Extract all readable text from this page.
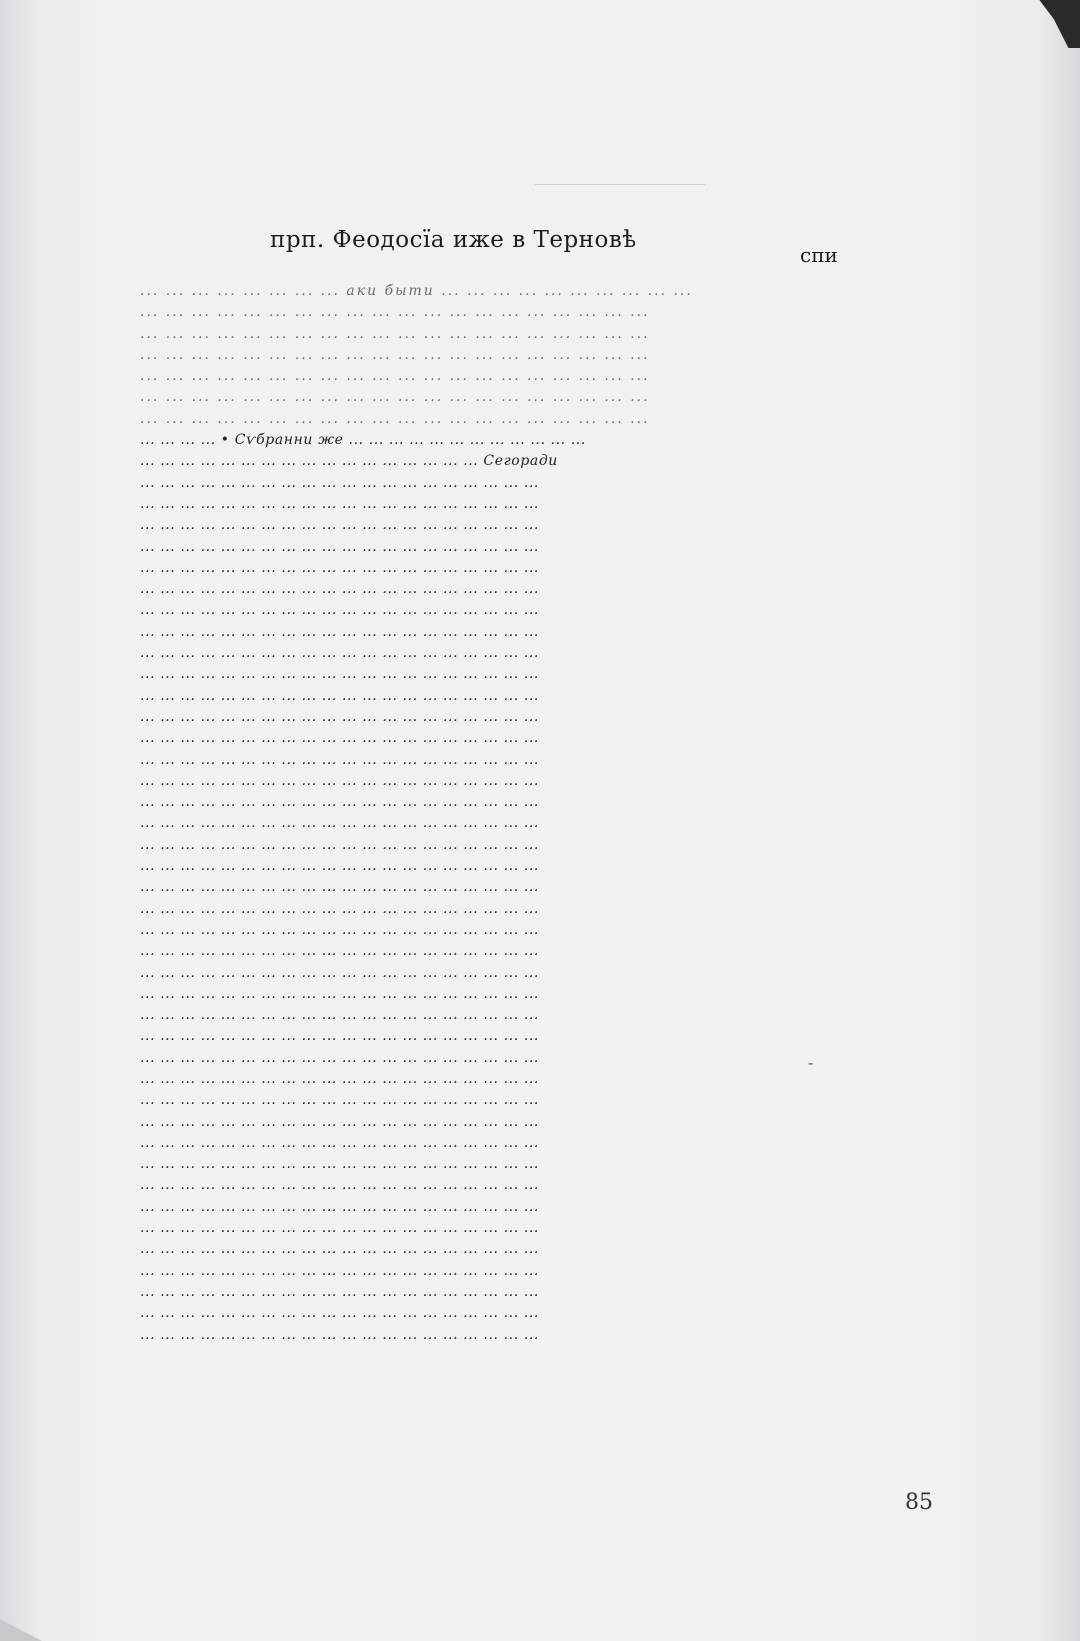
прп. Феодосїа иже в Терновѣ
спи
... ... ... ... ... ... ... ... аки быти ... ... ... ... ... ... ... ... ... ...
... ... ... ... ... ... ... ... ... ... ... ... ... ... ... ... ... ... ... ...
... ... ... ... ... ... ... ... ... ... ... ... ... ... ... ... ... ... ... ...
... ... ... ... ... ... ... ... ... ... ... ... ... ... ... ... ... ... ... ...
... ... ... ... ... ... ... ... ... ... ... ... ... ... ... ... ... ... ... ...
... ... ... ... ... ... ... ... ... ... ... ... ... ... ... ... ... ... ... ...
... ... ... ... ... ... ... ... ... ... ... ... ... ... ... ... ... ... ... ...
... ... ... ... • Сѵбранни же ... ... ... ... ... ... ... ... ... ... ... ...
... ... ... ... ... ... ... ... ... ... ... ... ... ... ... ... ... Сегоради
... ... ... ... ... ... ... ... ... ... ... ... ... ... ... ... ... ... ... ...
... ... ... ... ... ... ... ... ... ... ... ... ... ... ... ... ... ... ... ...
... ... ... ... ... ... ... ... ... ... ... ... ... ... ... ... ... ... ... ...
... ... ... ... ... ... ... ... ... ... ... ... ... ... ... ... ... ... ... ...
... ... ... ... ... ... ... ... ... ... ... ... ... ... ... ... ... ... ... ...
... ... ... ... ... ... ... ... ... ... ... ... ... ... ... ... ... ... ... ...
... ... ... ... ... ... ... ... ... ... ... ... ... ... ... ... ... ... ... ...
... ... ... ... ... ... ... ... ... ... ... ... ... ... ... ... ... ... ... ...
... ... ... ... ... ... ... ... ... ... ... ... ... ... ... ... ... ... ... ...
... ... ... ... ... ... ... ... ... ... ... ... ... ... ... ... ... ... ... ...
... ... ... ... ... ... ... ... ... ... ... ... ... ... ... ... ... ... ... ...
... ... ... ... ... ... ... ... ... ... ... ... ... ... ... ... ... ... ... ...
... ... ... ... ... ... ... ... ... ... ... ... ... ... ... ... ... ... ... ...
... ... ... ... ... ... ... ... ... ... ... ... ... ... ... ... ... ... ... ...
... ... ... ... ... ... ... ... ... ... ... ... ... ... ... ... ... ... ... ...
... ... ... ... ... ... ... ... ... ... ... ... ... ... ... ... ... ... ... ...
... ... ... ... ... ... ... ... ... ... ... ... ... ... ... ... ... ... ... ...
... ... ... ... ... ... ... ... ... ... ... ... ... ... ... ... ... ... ... ...
... ... ... ... ... ... ... ... ... ... ... ... ... ... ... ... ... ... ... ...
... ... ... ... ... ... ... ... ... ... ... ... ... ... ... ... ... ... ... ...
... ... ... ... ... ... ... ... ... ... ... ... ... ... ... ... ... ... ... ...
... ... ... ... ... ... ... ... ... ... ... ... ... ... ... ... ... ... ... ...
... ... ... ... ... ... ... ... ... ... ... ... ... ... ... ... ... ... ... ...
... ... ... ... ... ... ... ... ... ... ... ... ... ... ... ... ... ... ... ...
... ... ... ... ... ... ... ... ... ... ... ... ... ... ... ... ... ... ... ...
... ... ... ... ... ... ... ... ... ... ... ... ... ... ... ... ... ... ... ...
... ... ... ... ... ... ... ... ... ... ... ... ... ... ... ... ... ... ... ...
... ... ... ... ... ... ... ... ... ... ... ... ... ... ... ... ... ... ... ...
... ... ... ... ... ... ... ... ... ... ... ... ... ... ... ... ... ... ... ...
... ... ... ... ... ... ... ... ... ... ... ... ... ... ... ... ... ... ... ...
... ... ... ... ... ... ... ... ... ... ... ... ... ... ... ... ... ... ... ...
... ... ... ... ... ... ... ... ... ... ... ... ... ... ... ... ... ... ... ...
... ... ... ... ... ... ... ... ... ... ... ... ... ... ... ... ... ... ... ...
... ... ... ... ... ... ... ... ... ... ... ... ... ... ... ... ... ... ... ...
... ... ... ... ... ... ... ... ... ... ... ... ... ... ... ... ... ... ... ...
... ... ... ... ... ... ... ... ... ... ... ... ... ... ... ... ... ... ... ...
... ... ... ... ... ... ... ... ... ... ... ... ... ... ... ... ... ... ... ...
... ... ... ... ... ... ... ... ... ... ... ... ... ... ... ... ... ... ... ...
... ... ... ... ... ... ... ... ... ... ... ... ... ... ... ... ... ... ... ...
... ... ... ... ... ... ... ... ... ... ... ... ... ... ... ... ... ... ... ...
... ... ... ... ... ... ... ... ... ... ... ... ... ... ... ... ... ... ... ...
-
85
